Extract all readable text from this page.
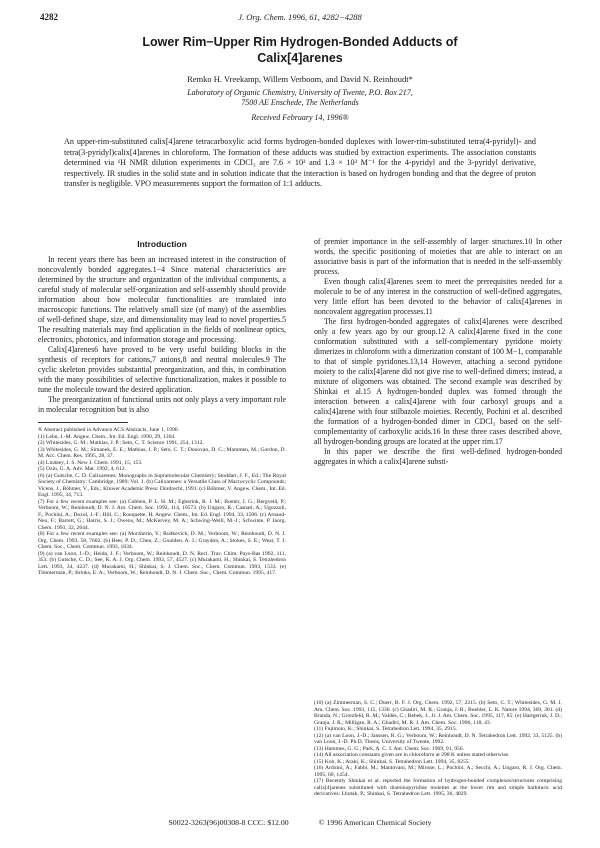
4282	J. Org. Chem. 1996, 61, 4282−4288
Lower Rim−Upper Rim Hydrogen-Bonded Adducts of
Calix[4]arenes
Remko H. Vreekamp, Willem Verboom, and David N. Reinhoudt*
Laboratory of Organic Chemistry, University of Twente, P.O. Box 217,
7500 AE Enschede, The Netherlands
Received February 14, 1996®
An upper-rim-substituted calix[4]arene tetracarboxylic acid forms hydrogen-bonded duplexes with lower-rim-substituted tetra(4-pyridyl)- and tetra(3-pyridyl)calix[4]arenes in chloroform. The formation of these adducts was studied by extraction experiments. The association constants determined via ¹H NMR dilution experiments in CDCl₃ are 7.6 × 10³ and 1.3 × 10³ M⁻¹ for the 4-pyridyl and the 3-pyridyl derivative, respectively. IR studies in the solid state and in solution indicate that the interaction is based on hydrogen bonding and that the degree of proton transfer is negligible. VPO measurements support the formation of 1:1 adducts.
Introduction

In recent years there has been an increased interest in the construction of noncovalently bonded aggregates.1−4 Since material characteristics are determined by the structure and organization of the individual components, a careful study of molecular self-organization and self-assembly should provide information about how molecular functionalities are translated into macroscopic functions. The relatively small size (of many) of the assemblies of well-defined shape, size, and dimensionality may lead to novel properties.5 The resulting materials may find application in the fields of nonlinear optics, electronics, photonics, and information storage and processing.

Calix[4]arenes6 have proved to be very useful building blocks in the synthesis of receptors for cations,7 anions,8 and neutral molecules.9 The cyclic skeleton provides substantial preorganization, and this, in combination with the many possibilities of selective functionalization, makes it possible to tune the molecule toward the desired application.

The preorganization of functional units not only plays a very important role in molecular recognition but is also

® Abstract published in Advance ACS Abstracts, June 1, 1996.

(1) Lehn, J.-M. Angew. Chem., Int. Ed. Engl. 1990, 29, 1304.

(2) Whitesides, G. M.; Mathias, J. P.; Seto, C. T. Science 1991, 254, 1312.

(3) Whitesides, G. M.; Simanek, E. E.; Mathias, J. P.; Seto, C. T.; Donovan, D. C.; Mammen, M.; Gordon, D. M. Acc. Chem. Res. 1995, 28, 37.

(4) Lindsey, J. S. New J. Chem. 1991, 15, 153.

(5) Ozin, G. A. Adv. Mat. 1992, 4, 612.

(6) (a) Gutsche, C. D. Calixarenes; Monographs in Supramolecular Chemistry; Stoddart, J. F., Ed.; The Royal Society of Chemistry: Cambridge, 1989; Vol. 1. (b) Calixarenes: a Versatile Class of Macrocyclic Compounds; Vicens, J., Böhmer, V., Eds.; Kluwer Academic Press: Dordrecht, 1991. (c) Böhmer, V. Angew. Chem., Int. Ed. Engl. 1995, 34, 713.

(7) For a few recent examples see: (a) Cobben, P. L. H. M.; Egberink, R. J. M.; Bomer, J. G.; Bergveld, P.; Verboom, W.; Reinhoudt, D. N. J. Am. Chem. Soc. 1992, 114, 10573. (b) Ungaro, R.; Casnati, A.; Ugozzoli, F.; Pochini, A.; Dozol, J.-F.; Hill, C.; Rouquette, H. Angew. Chem., Int. Ed. Engl. 1994, 33, 1506. (c) Arnaud-Neu, F.; Barrett, G.; Harris, S. J.; Owens, M.; McKervey, M. A.; Schwing-Weill, M.-J.; Schwinte, P. Inorg. Chem. 1993, 32, 2644.

(8) For a few recent examples see: (a) Morzherin, Y.; Rudkevich, D. M.; Verboom, W.; Reinhoudt, D. N. J. Org. Chem. 1993, 58, 7602. (b) Beer, P. D.; Chen, Z.; Goulden, A. J.; Graydon, A.; Stokes, S. E.; Wear, T. J. Chem. Soc., Chem. Commun. 1993, 1834.

(9) (a) van Loon, J.-D.; Heida, J. F.; Verboom, W.; Reinhoudt, D. N. Recl. Trav. Chim. Pays-Bas 1992, 111, 353. (b) Gutsche, C. D.; See, K. A. J. Org. Chem. 1992, 57, 4527. (c) Murakami, H.; Shinkai, S. Tetrahedron Lett. 1993, 34, 4237. (d) Murakami, H.; Shinkai, S. J. Chem. Soc., Chem. Commun. 1993, 1533. (e) Timmerman, P.; Brinks, E. A.; Verboom, W.; Reinhoudt, D. N. J. Chem. Soc., Chem. Commun. 1995, 417.

of premier importance in the self-assembly of larger structures.10 In other words, the specific positioning of moieties that are able to interact on an associative basis is part of the information that is needed in the self-assembly process.

Even though calix[4]arenes seem to meet the prerequisites needed for a molecule to be of any interest in the construction of well-defined aggregates, very little effort has been devoted to the behavior of calix[4]arenes in noncovalent aggregation processes.11

The first hydrogen-bonded aggregates of calix[4]arenes were described only a few years ago by our group.12 A calix[4]arene fixed in the cone conformation substituted with a self-complementary pyridone moiety dimerizes in chloroform with a dimerization constant of 100 M−1, comparable to that of simple pyridones.13,14 However, attaching a second pyridone moiety to the calix[4]arene did not give rise to well-defined dimers; instead, a mixture of oligomers was obtained. The second example was described by Shinkai et al.15 A hydrogen-bonded duplex was formed through the interaction between a calix[4]arene with four carboxyl groups and a calix[4]arene with four stilbazole moieties. Recently, Pochini et al. described the formation of a hydrogen-bonded dimer in CDCl₃ based on the self-complementarity of carboxylic acids.16 In these three cases described above, all hydrogen-bonding groups are located at the upper rim.17

In this paper we describe the first well-defined hydrogen-bonded aggregates in which a calix[4]arene substi-

(10) (a) Zimmerman, S. C.; Duerr, B. F. J. Org. Chem. 1992, 57, 2215. (b) Seto, C. T.; Whitesides, G. M. J. Am. Chem. Soc. 1993, 115, 1330. (c) Ghadiri, M. R.; Granja, J. R.; Buehler, L. K. Nature 1994, 369, 301. (d) Branda, N.; Grotzfeld, R. M.; Valdés, C.; Rebek, J., Jr. J. Am. Chem. Soc. 1995, 117, 85. (e) Hartgerink, J. D.; Granja, J. R.; Milligan, R. A.; Ghadiri, M. R. J. Am. Chem. Soc. 1996, 118, 43.

(11) Fujimoto, K.; Shinkai, S. Tetrahedron Lett. 1994, 35, 2915.

(12) (a) van Loon, J.-D.; Janssen, R. G.; Verboom, W.; Reinhoudt, D. N. Tetrahedron Lett. 1992, 33, 5125. (b) van Loon, J.-D. Ph.D. Thesis, University of Twente, 1992.

(13) Hammes, G. G.; Park, A. C. J. Am. Chem. Soc. 1969, 91, 956.

(14) All association constants given are in chloroform at 298 K unless stated otherwise.

(15) Koh, K.; Araki, K.; Shinkai, S. Tetrahedron Lett. 1994, 35, 8255.

(16) Arduini, A.; Fabbi, M.; Mantovani, M.; Mirone, L.; Pochini, A.; Secchi, A.; Ungaro, R. J. Org. Chem. 1995, 60, 1454.

(17) Recently Shinkai et al. reported the formation of hydrogen-bonded complexes/structures comprising calix[4]arenes substituted with diaminopyridine moieties at the lower rim and simple barbituric acid derivatives: Lhotak, P.; Shinkai, S. Tetrahedron Lett. 1995, 36, 4829.

S0022-3263(96)00308-8 CCC: $12.00	© 1996 American Chemical Society
